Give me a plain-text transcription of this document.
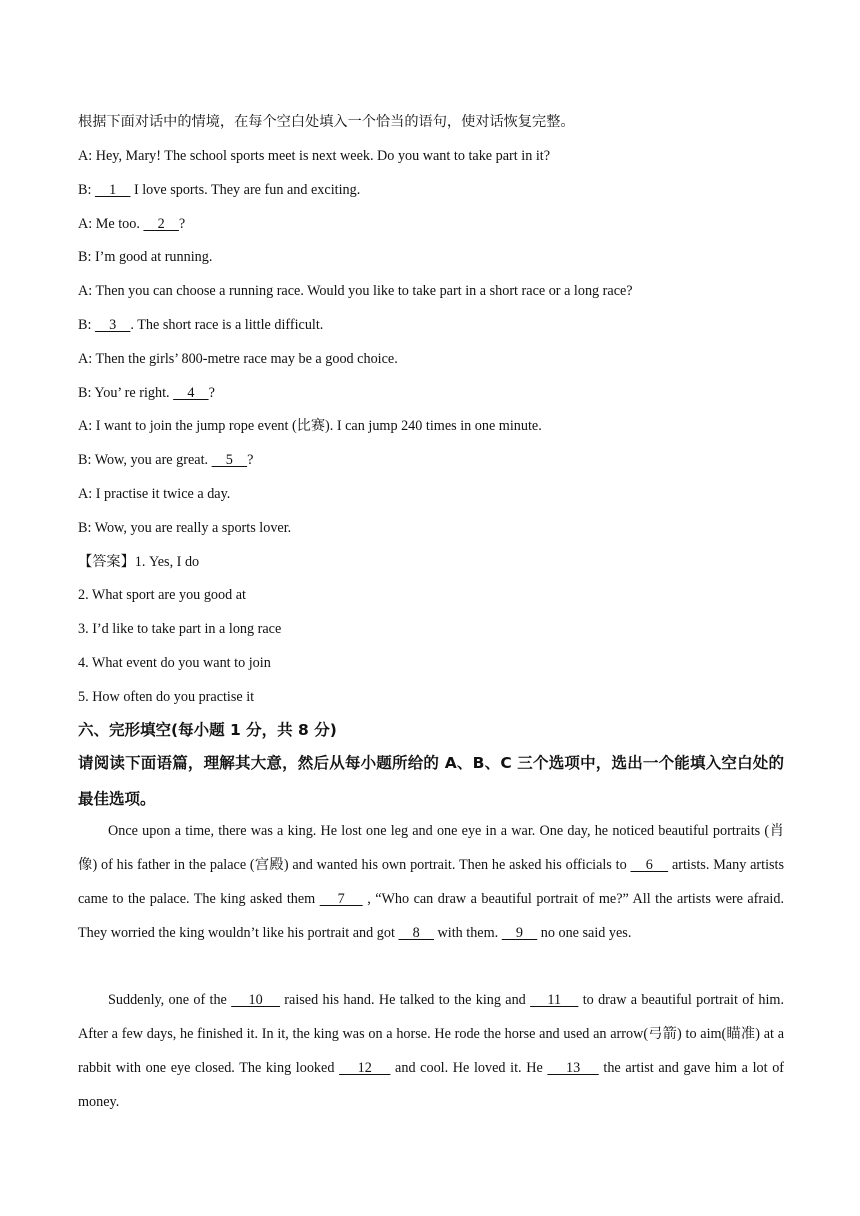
根据下面对话中的情境，在每个空白处填入一个恰当的语句，使对话恢复完整。
A: Hey, Mary! The school sports meet is next week. Do you want to take part in it?
B:     1     I love sports. They are fun and exciting.
A: Me too.     2    ?
B: I’m good at running.
A: Then you can choose a running race. Would you like to take part in a short race or a long race?
B:     3    . The short race is a little difficult.
A: Then the girls’ 800-metre race may be a good choice.
B: You’ re right.     4    ?
A: I want to join the jump rope event (比赛). I can jump 240 times in one minute.
B: Wow, you are great.     5    ?
A: I practise it twice a day.
B: Wow, you are really a sports lover.
【答案】1. Yes, I do
2. What sport are you good at
3. I’d like to take part in a long race
4. What event do you want to join
5. How often do you practise it
六、完形填空(每小题 1 分，共 8 分)
请阅读下面语篇，理解其大意，然后从每小题所给的 A、B、C 三个选项中，选出一个能填入空白处的最佳选项。
Once upon a time, there was a king. He lost one leg and one eye in a war. One day, he noticed beautiful portraits (肖像) of his father in the palace (宫殿) and wanted his own portrait. Then he asked his officials to     6     artists. Many artists came to the palace. The king asked them     7     , “Who can draw a beautiful portrait of me?” All the artists were afraid. They worried the king wouldn’t like his portrait and got     8     with them.     9     no one said yes.
Suddenly, one of the     10     raised his hand. He talked to the king and     11     to draw a beautiful portrait of him. After a few days, he finished it. In it, the king was on a horse. He rode the horse and used an arrow(弓箭) to aim(瞄准) at a rabbit with one eye closed. The king looked     12     and cool. He loved it. He     13     the artist and gave him a lot of money.
